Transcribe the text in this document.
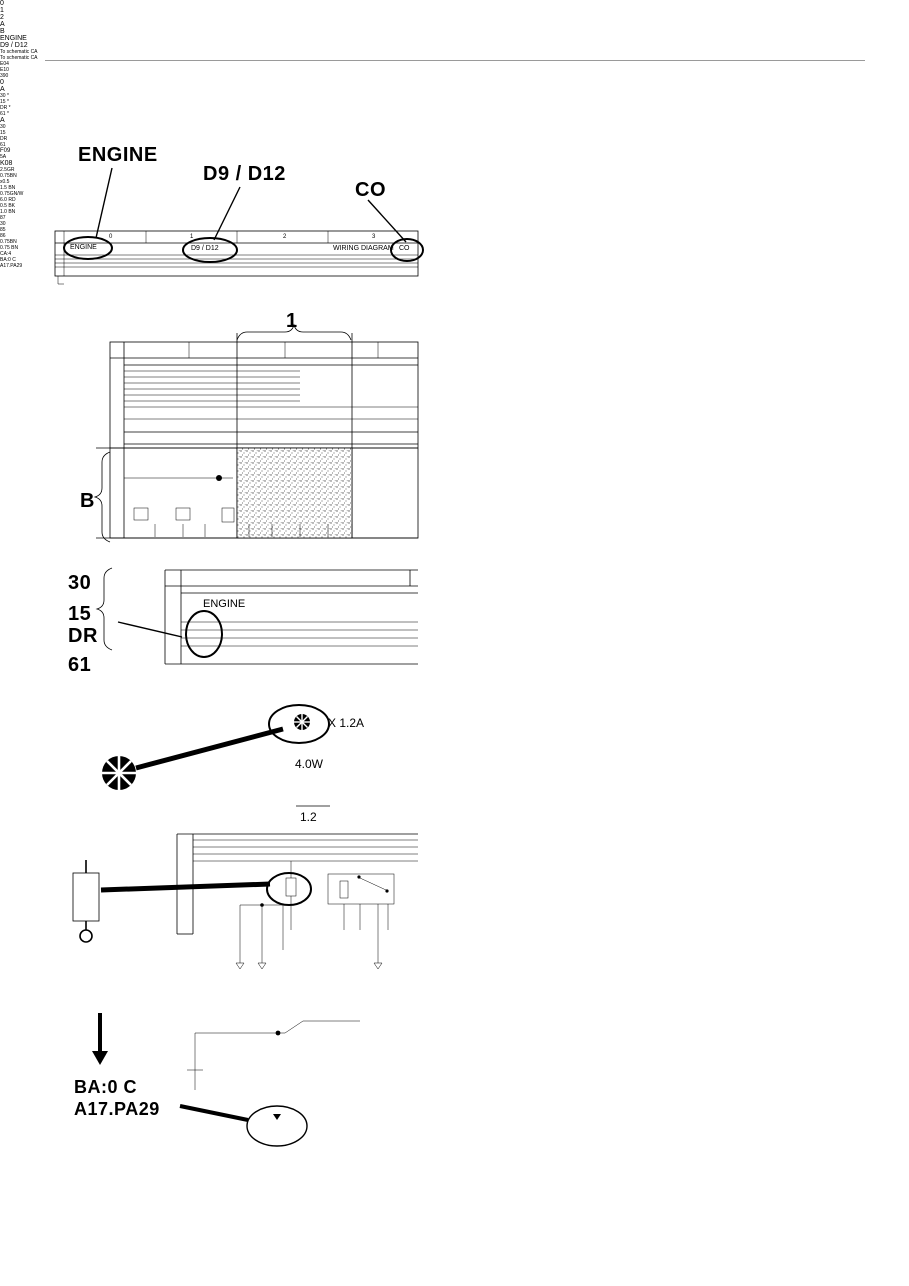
ENGINE
D9 / D12
CO
ENGINE	D9 / D12	WIRING DIAGRAM CO
0	1	2	3
1
B
0
1
2
A
B
ENGINE
D9 / D12
To schematic CA
To schematic CA
E04
E10
390
30
15
DR
61
0
A
ENGINE
30 *
15 *
DR *
61 *
X 1.2A
4.0W
1.2
A
30
15
DR
61
F09
5A
K08
2.5GR
0.75BN
x0.5
1.5 BN
0.75GN/W
6.0 RD
0.5 BK
1.0 BN
87
30
85
86
BA:0 C
A17.PA29
0.75BN
0.75 BN
CA:4
BA:0 C
A17.PA29
